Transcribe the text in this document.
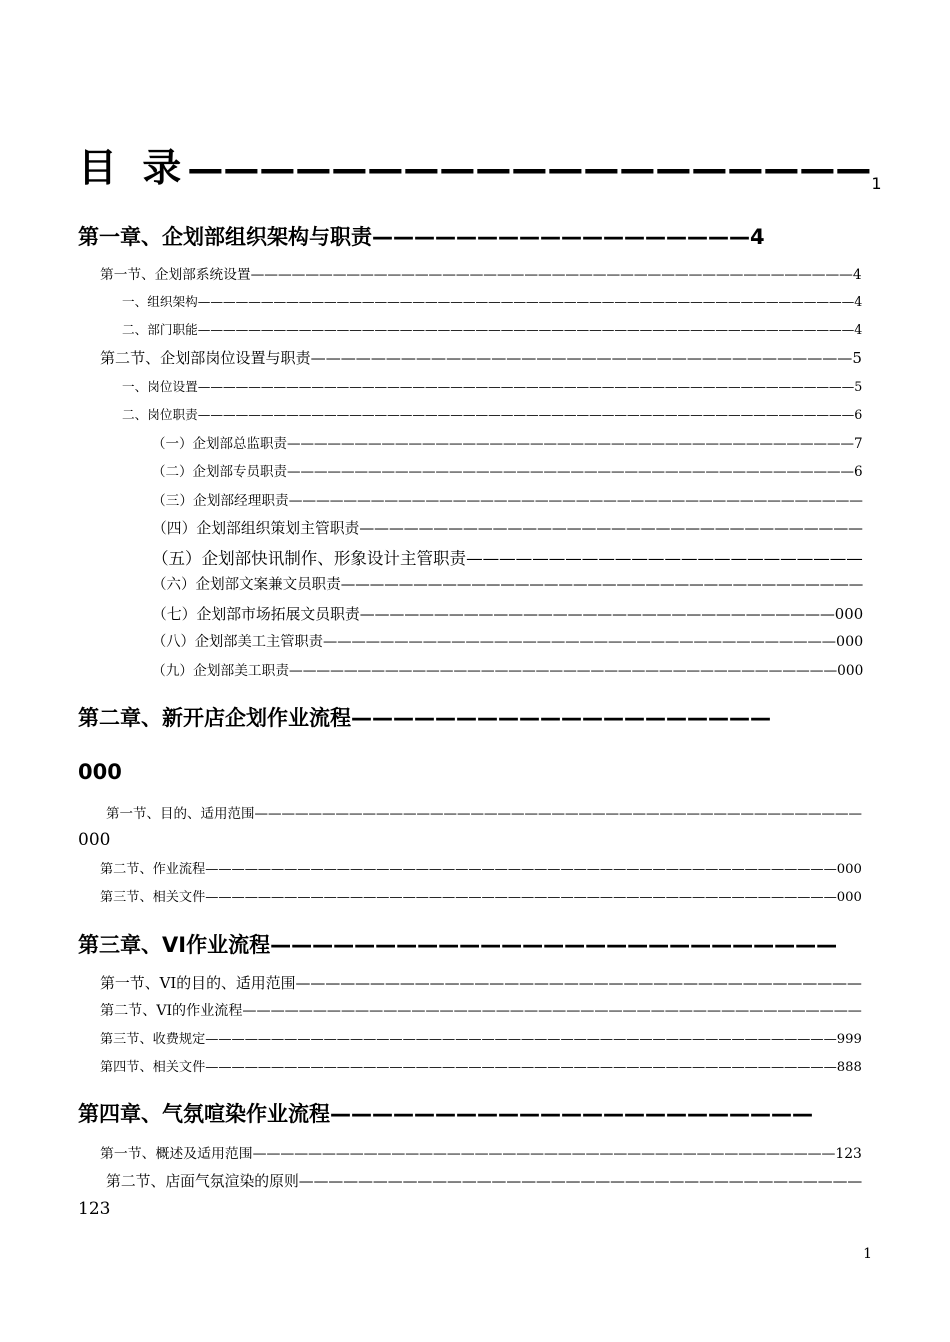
目 录$———————————————————_1$
第一章、企划部组织架构与职责——————————————————4
第一节、企划部系统设置————————————————————————————————————————————4
一、组织架构————————————————————————————————————————————————————4
二、部门职能————————————————————————————————————————————————————4
第二节、企划部岗位设置与职责————————————————————————————————————5
一、岗位设置————————————————————————————————————————————————————5
二、岗位职责————————————————————————————————————————————————————6
（一）企划部总监职责——————————————————————————————————————————7
（二）企划部专员职责——————————————————————————————————————————6
（三）企划部经理职责——————————————————————————————————————————
（四）企划部组织策划主管职责——————————————————————————————————
（五）企划部快讯制作、形象设计主管职责————————————————————————
（六）企划部文案兼文员职责————————————————————————————————————
（七）企划部市场拓展文员职责————————————————————————————————000
（八）企划部美工主管职责————————————————————————————————————000
（九）企划部美工职责————————————————————————————————————————000
第二章、新开店企划作业流程————————————————————
000
第一节、目的、适用范围—————————————————————————————————————————————
000
第二节、作业流程————————————————————————————————————————————————000
第三节、相关文件————————————————————————————————————————————————000
第三章、VI作业流程———————————————————————————
第一节、VI的目的、适用范围——————————————————————————————————————
第二节、VI的作业流程————————————————————————————————————————————
第三节、收费规定————————————————————————————————————————————————999
第四节、相关文件————————————————————————————————————————————————888
第四章、气氛喧染作业流程———————————————————————
第一节、概述及适用范围——————————————————————————————————————————123
第二节、店面气氛渲染的原则——————————————————————————————————————
123
1
